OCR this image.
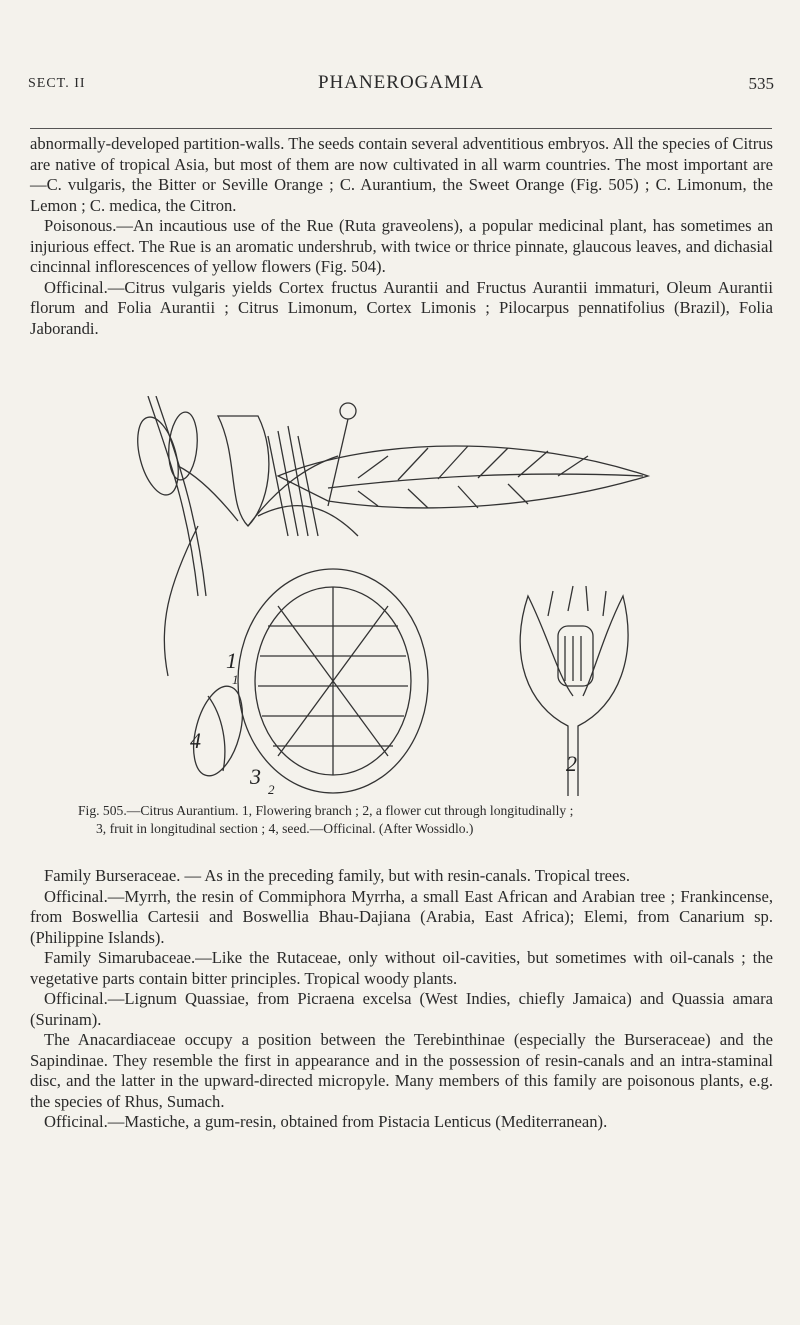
SECT. II	PHANEROGAMIA	535

abnormally-developed partition-walls. The seeds contain several adventitious embryos. All the species of Citrus are native of tropical Asia, but most of them are now cultivated in all warm countries. The most important are—C. vulgaris, the Bitter or Seville Orange ; C. Aurantium, the Sweet Orange (Fig. 505) ; C. Limonum, the Lemon ; C. medica, the Citron.

Poisonous.—An incautious use of the Rue (Ruta graveolens), a popular medicinal plant, has sometimes an injurious effect. The Rue is an aromatic undershrub, with twice or thrice pinnate, glaucous leaves, and dichasial cincinnal inflorescences of yellow flowers (Fig. 504).

Officinal.—Citrus vulgaris yields Cortex fructus Aurantii and Fructus Aurantii immaturi, Oleum Aurantii florum and Folia Aurantii ; Citrus Limonum, Cortex Limonis ; Pilocarpus pennatifolius (Brazil), Folia Jaborandi.

1
2
4
3
1
2

Fig. 505.—Citrus Aurantium. 1, Flowering branch ; 2, a flower cut through longitudinally ;

3, fruit in longitudinal section ; 4, seed.—Officinal. (After Wossidlo.)

Family Burseraceae. — As in the preceding family, but with resin-canals. Tropical trees.

Officinal.—Myrrh, the resin of Commiphora Myrrha, a small East African and Arabian tree ; Frankincense, from Boswellia Cartesii and Boswellia Bhau-Dajiana (Arabia, East Africa); Elemi, from Canarium sp. (Philippine Islands).

Family Simarubaceae.—Like the Rutaceae, only without oil-cavities, but sometimes with oil-canals ; the vegetative parts contain bitter principles. Tropical woody plants.

Officinal.—Lignum Quassiae, from Picraena excelsa (West Indies, chiefly Jamaica) and Quassia amara (Surinam).

The Anacardiaceae occupy a position between the Terebinthinae (especially the Burseraceae) and the Sapindinae. They resemble the first in appearance and in the possession of resin-canals and an intra-staminal disc, and the latter in the upward-directed micropyle. Many members of this family are poisonous plants, e.g. the species of Rhus, Sumach.

Officinal.—Mastiche, a gum-resin, obtained from Pistacia Lenticus (Mediterranean).
